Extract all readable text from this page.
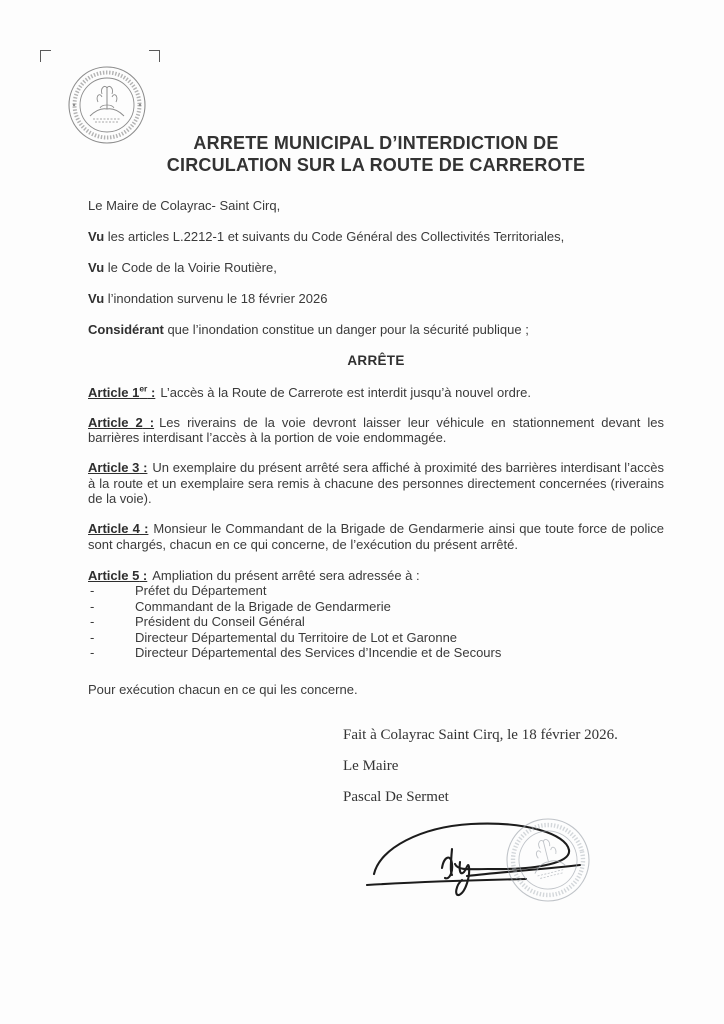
ARRETE MUNICIPAL D’INTERDICTION DE
CIRCULATION SUR LA ROUTE DE CARREROTE

Le Maire de Colayrac- Saint Cirq,

Vu les articles L.2212-1 et suivants du Code Général des Collectivités Territoriales,

Vu le Code de la Voirie Routière,

Vu l’inondation survenu le 18 février 2026

Considérant que l’inondation constitue un danger pour la sécurité publique ;

ARRÊTE

Article 1er : L’accès à la Route de Carrerote est interdit jusqu’à nouvel ordre.

Article 2 : Les riverains de la voie devront laisser leur véhicule en stationnement devant les barrières interdisant l’accès à la portion de voie endommagée.

Article 3 : Un exemplaire du présent arrêté sera affiché à proximité des barrières interdisant l’accès à la route et un exemplaire sera remis à chacune des personnes directement concernées (riverains de la voie).

Article 4 : Monsieur le Commandant de la Brigade de Gendarmerie ainsi que toute force de police sont chargés, chacun en ce qui concerne, de l’exécution du présent arrêté.

Article 5 : Ampliation du présent arrêté sera adressée à :

-	Préfet du Département
-	Commandant de la Brigade de Gendarmerie
-	Président du Conseil Général
-	Directeur Départemental du Territoire de Lot et Garonne
-	Directeur Départemental des Services d’Incendie et de Secours

Pour exécution chacun en ce qui les concerne.

Fait à Colayrac Saint Cirq, le 18 février 2026.

Le Maire

Pascal De Sermet
